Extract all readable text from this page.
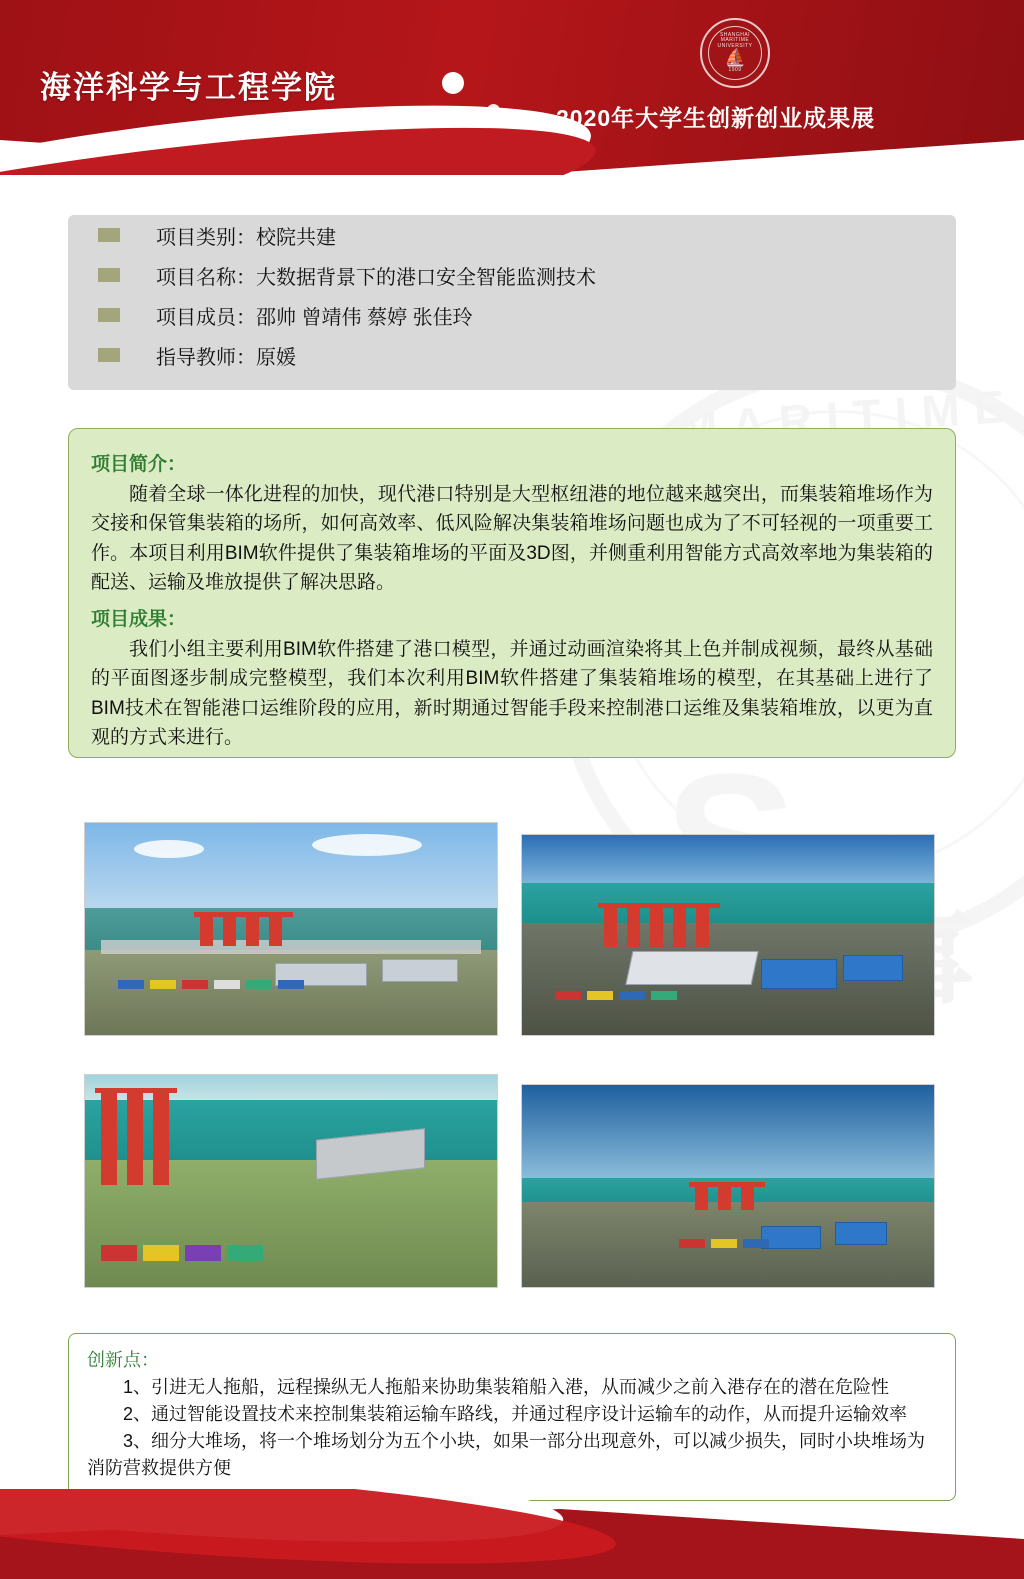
MARITIME
海洋科学与工程学院
2020年大学生创新创业成果展
SHANGHAI MARITIME UNIVERSITY
⛵
1909
项目类别： 校院共建
项目名称： 大数据背景下的港口安全智能监测技术
项目成员： 邵帅 曾靖伟 蔡婷 张佳玲
指导教师： 原媛
项目简介：

随着全球一体化进程的加快，现代港口特别是大型枢纽港的地位越来越突出，而集装箱堆场作为交接和保管集装箱的场所，如何高效率、低风险解决集装箱堆场问题也成为了不可轻视的一项重要工作。本项目利用BIM软件提供了集装箱堆场的平面及3D图，并侧重利用智能方式高效率地为集装箱的配送、运输及堆放提供了解决思路。

项目成果：

我们小组主要利用BIM软件搭建了港口模型，并通过动画渲染将其上色并制成视频，最终从基础的平面图逐步制成完整模型，我们本次利用BIM软件搭建了集装箱堆场的模型，在其基础上进行了BIM技术在智能港口运维阶段的应用，新时期通过智能手段来控制港口运维及集装箱堆放，以更为直观的方式来进行。

创新点：

1、引进无人拖船，远程操纵无人拖船来协助集装箱船入港，从而减少之前入港存在的潜在危险性

2、通过智能设置技术来控制集装箱运输车路线，并通过程序设计运输车的动作，从而提升运输效率

3、细分大堆场，将一个堆场划分为五个小块，如果一部分出现意外，可以减少损失，同时小块堆场为消防营救提供方便
